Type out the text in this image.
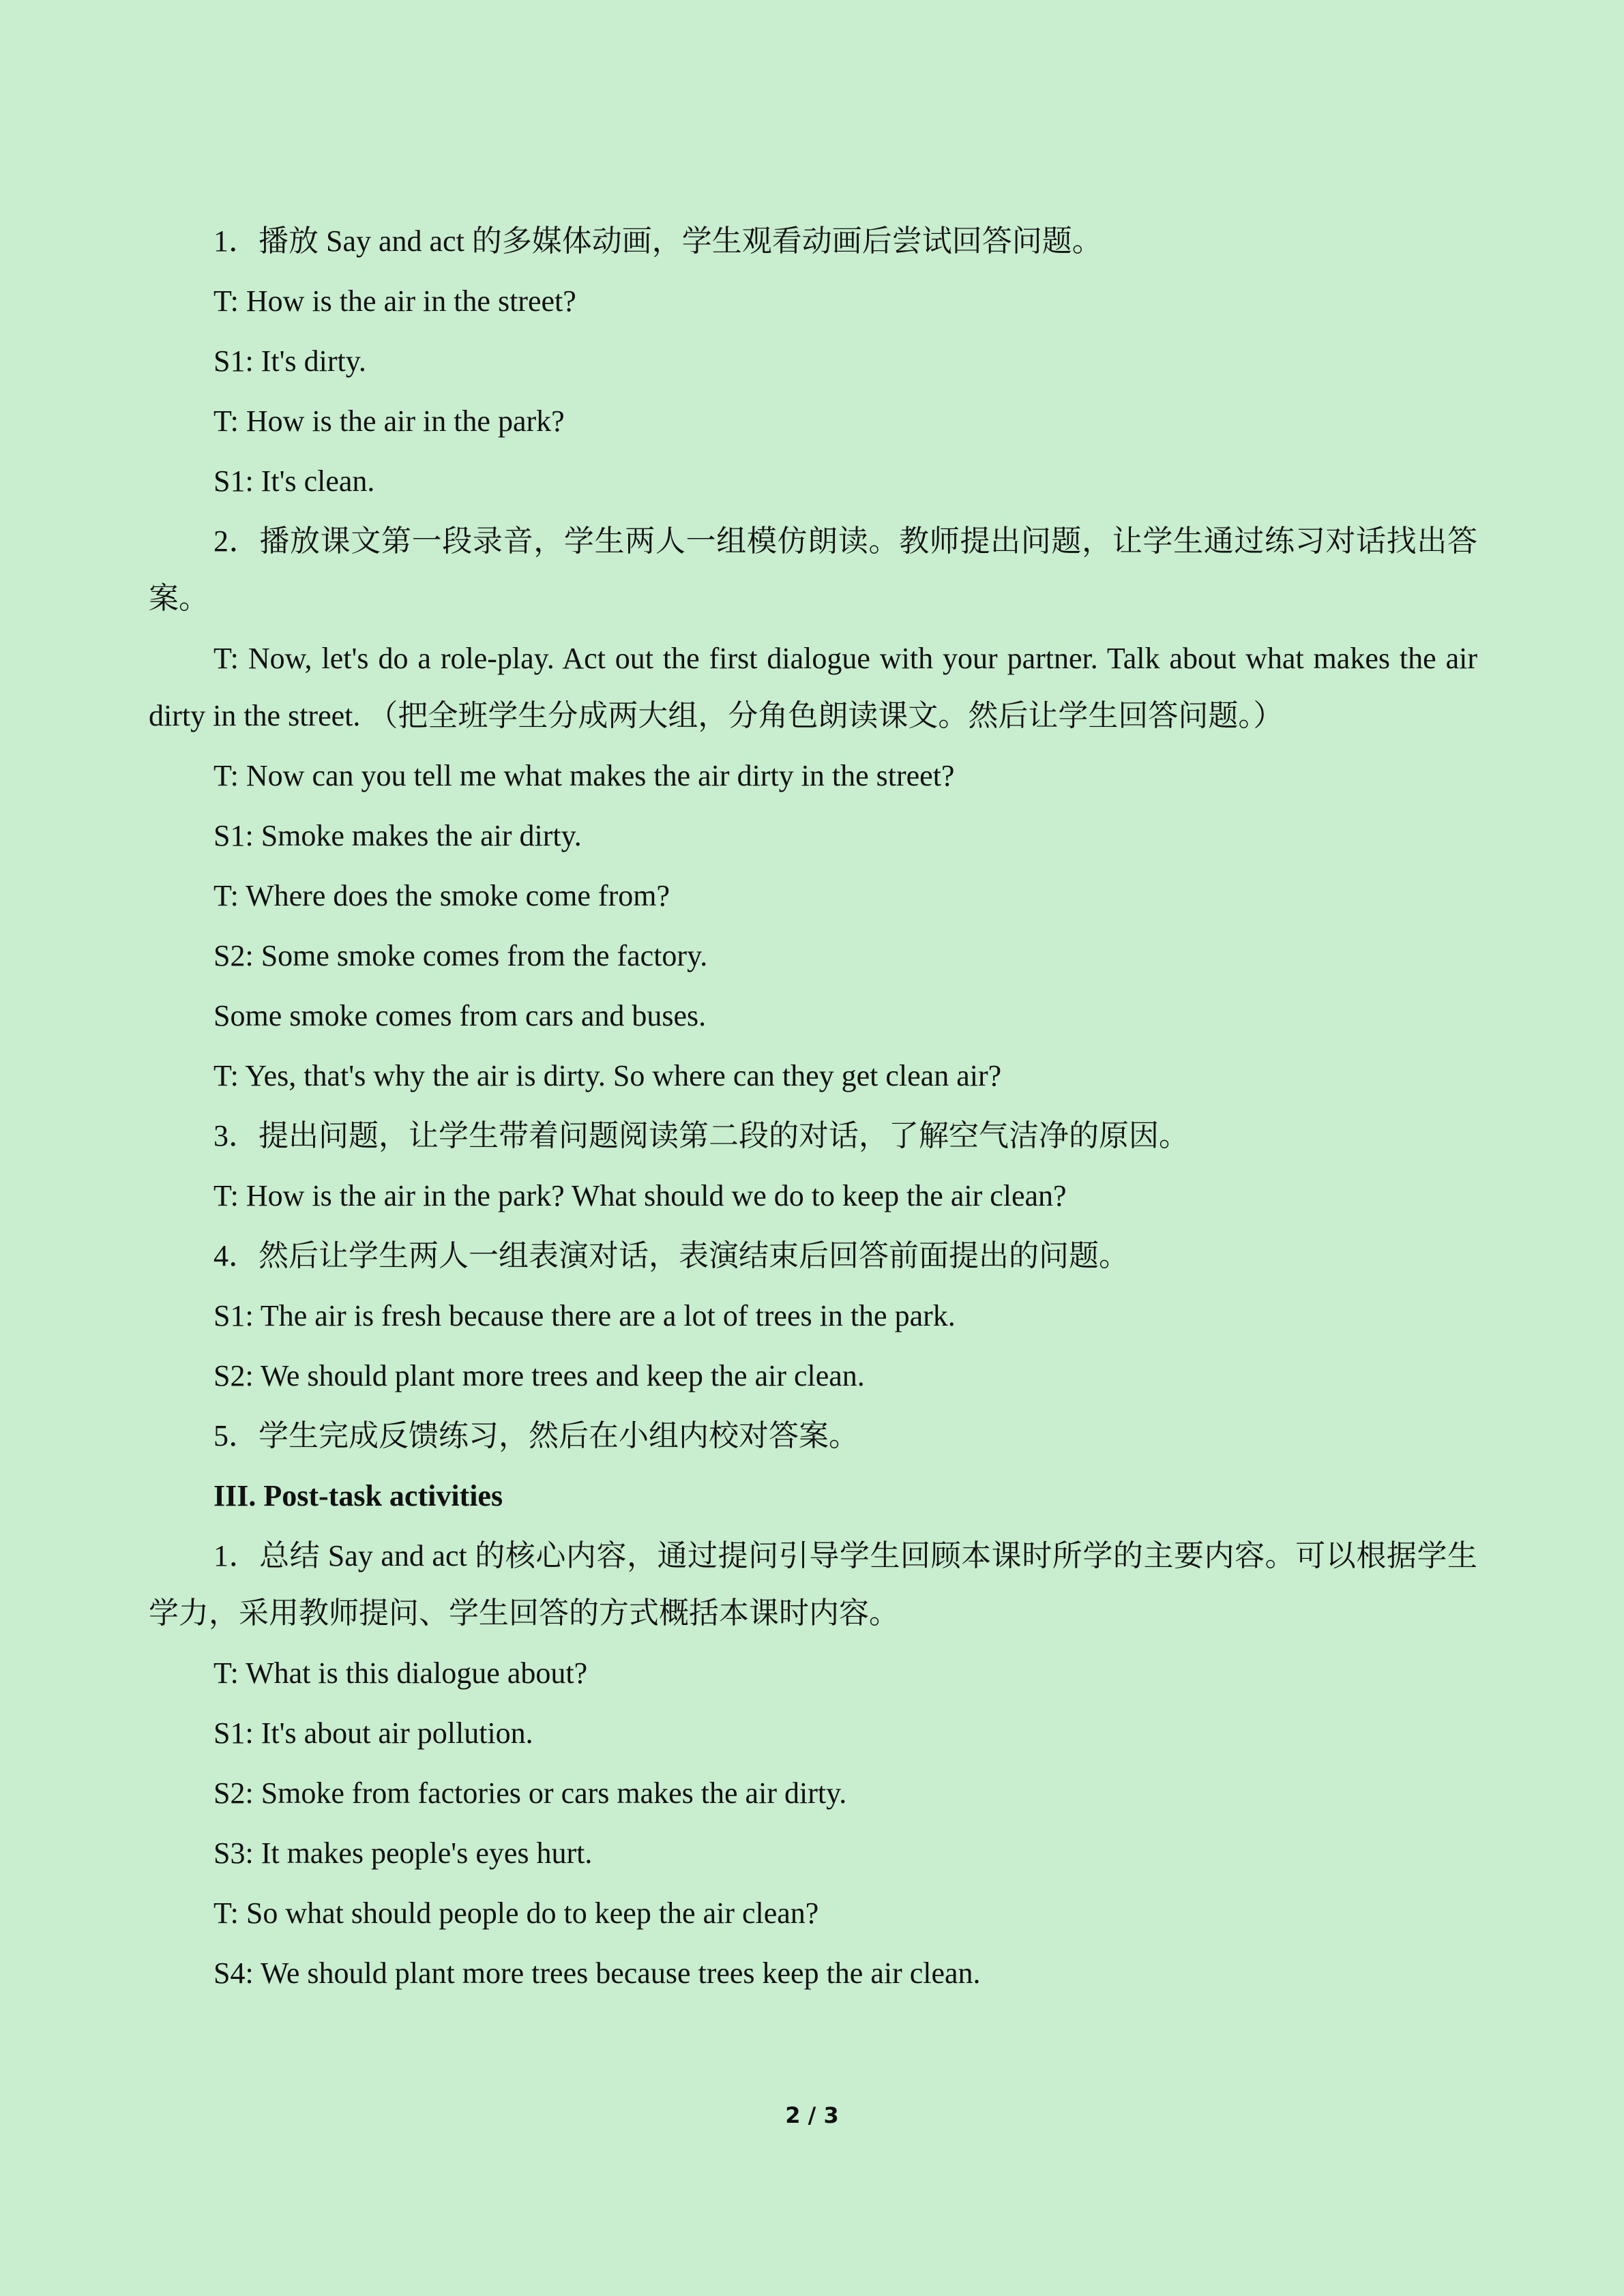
1．播放 Say and act 的多媒体动画，学生观看动画后尝试回答问题。

T: How is the air in the street?

S1: It's dirty.

T: How is the air in the park?

S1: It's clean.

2．播放课文第一段录音，学生两人一组模仿朗读。教师提出问题，让学生通过练习对话找出答案。

T: Now, let's do a role-play. Act out the first dialogue with your partner. Talk about what makes the air dirty in the street. （把全班学生分成两大组，分角色朗读课文。然后让学生回答问题。）

T: Now can you tell me what makes the air dirty in the street?

S1: Smoke makes the air dirty.

T: Where does the smoke come from?

S2: Some smoke comes from the factory.

Some smoke comes from cars and buses.

T: Yes, that's why the air is dirty. So where can they get clean air?

3．提出问题，让学生带着问题阅读第二段的对话，了解空气洁净的原因。

T: How is the air in the park? What should we do to keep the air clean?

4．然后让学生两人一组表演对话，表演结束后回答前面提出的问题。

S1: The air is fresh because there are a lot of trees in the park.

S2: We should plant more trees and keep the air clean.

5．学生完成反馈练习，然后在小组内校对答案。

III. Post-task activities

1．总结 Say and act 的核心内容，通过提问引导学生回顾本课时所学的主要内容。可以根据学生学力，采用教师提问、学生回答的方式概括本课时内容。

T: What is this dialogue about?

S1: It's about air pollution.

S2: Smoke from factories or cars makes the air dirty.

S3: It makes people's eyes hurt.

T: So what should people do to keep the air clean?

S4: We should plant more trees because trees keep the air clean.

2 / 3
